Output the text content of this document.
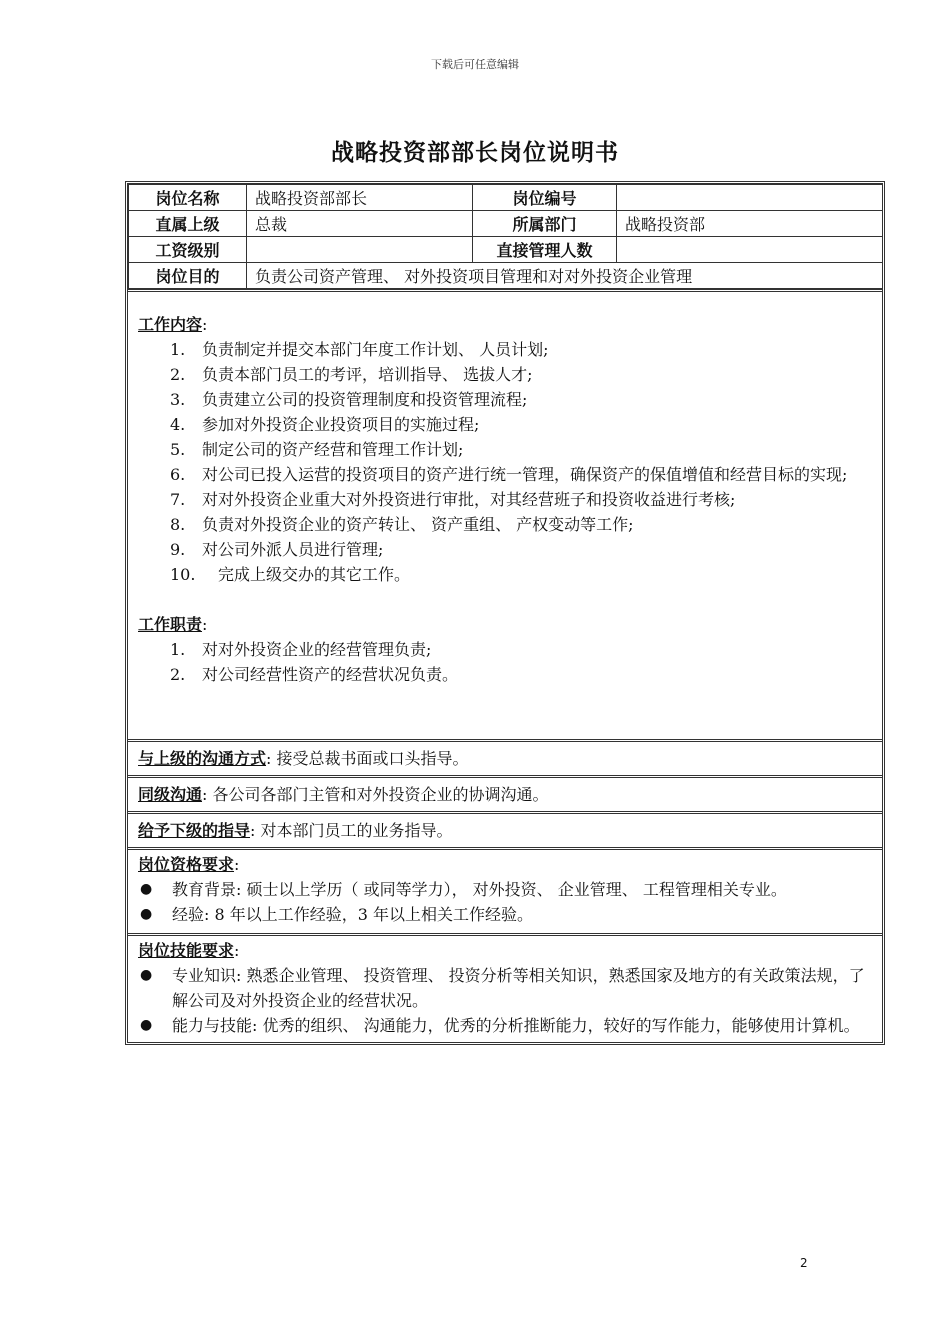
下载后可任意编辑
战略投资部部长岗位说明书
岗位名称	战略投资部部长	岗位编号	
直属上级	总裁	所属部门	战略投资部
工资级别		直接管理人数	
岗位目的	负责公司资产管理、 对外投资项目管理和对对外投资企业管理		
工作内容:
1.	负责制定并提交本部门年度工作计划、 人员计划;
2.	负责本部门员工的考评，培训指导、 选拔人才;
3.	负责建立公司的投资管理制度和投资管理流程;
4.	参加对外投资企业投资项目的实施过程;
5.	制定公司的资产经营和管理工作计划;
6.	对公司已投入运营的投资项目的资产进行统一管理，确保资产的保值增值和经营目标的实现;
7.	对对外投资企业重大对外投资进行审批，对其经营班子和投资收益进行考核;
8.	负责对外投资企业的资产转让、 资产重组、 产权变动等工作;
9.	对公司外派人员进行管理;
10.	完成上级交办的其它工作。
工作职责:
1.	对对外投资企业的经营管理负责;
2.	对公司经营性资产的经营状况负责。
与上级的沟通方式: 接受总裁书面或口头指导。
同级沟通: 各公司各部门主管和对外投资企业的协调沟通。
给予下级的指导: 对本部门员工的业务指导。
岗位资格要求:
● 教育背景: 硕士以上学历（ 或同等学力）， 对外投资、 企业管理、 工程管理相关专业。
● 经验: 8 年以上工作经验，3 年以上相关工作经验。
岗位技能要求:
● 专业知识: 熟悉企业管理、 投资管理、 投资分析等相关知识，熟悉国家及地方的有关政策法规，了解公司及对外投资企业的经营状况。
● 能力与技能: 优秀的组织、 沟通能力，优秀的分析推断能力，较好的写作能力，能够使用计算机。
2
